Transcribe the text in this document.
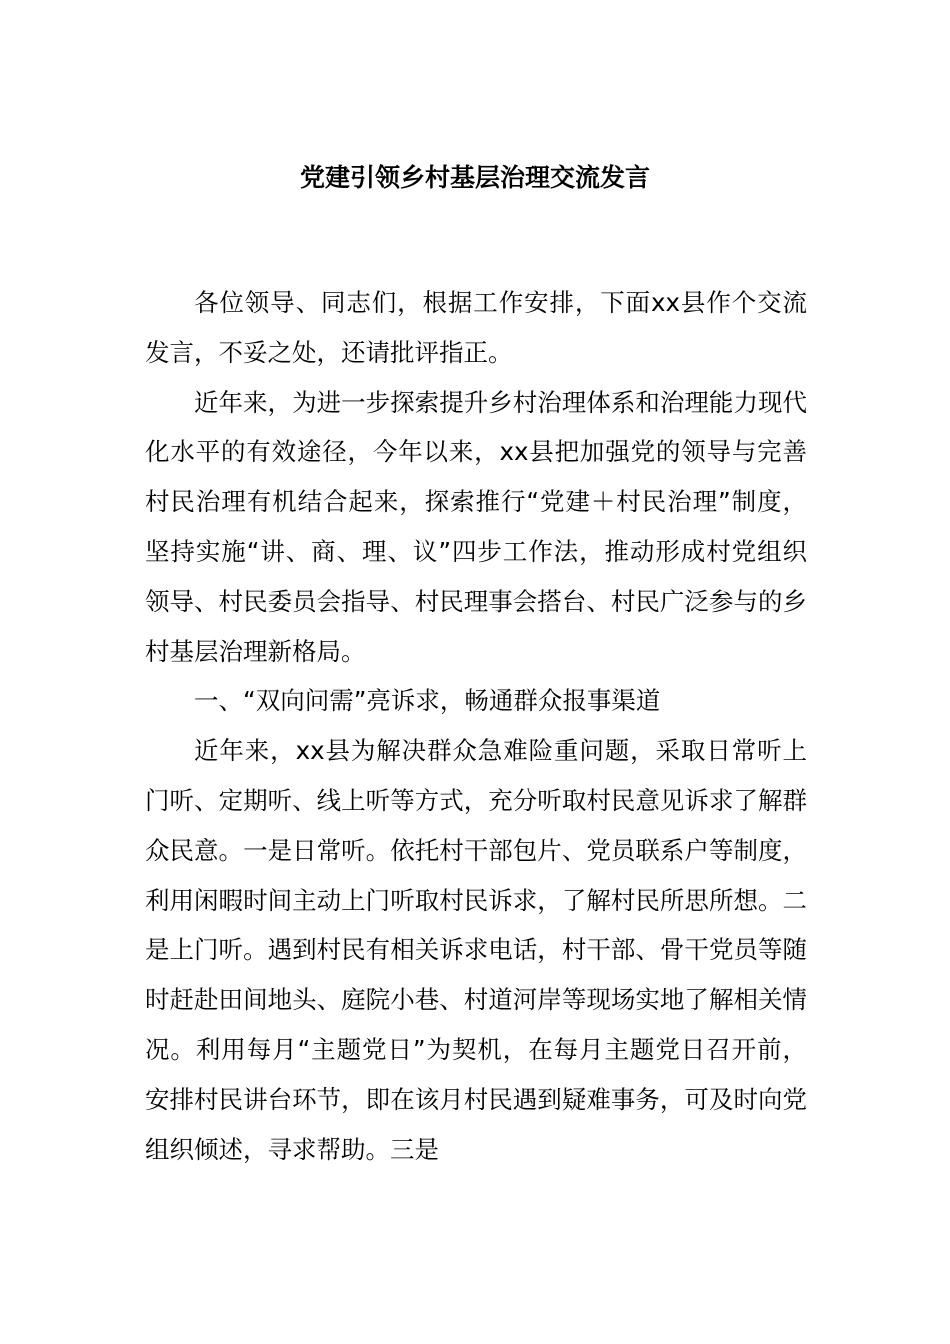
党建引领乡村基层治理交流发言

各位领导、同志们，根据工作安排，下面xx县作个交流发言，不妥之处，还请批评指正。

近年来，为进一步探索提升乡村治理体系和治理能力现代化水平的有效途径，今年以来，xx县把加强党的领导与完善村民治理有机结合起来，探索推行“党建＋村民治理”制度，坚持实施“讲、商、理、议”四步工作法，推动形成村党组织领导、村民委员会指导、村民理事会搭台、村民广泛参与的乡村基层治理新格局。

一、“双向问需”亮诉求，畅通群众报事渠道

近年来，xx县为解决群众急难险重问题，采取日常听上门听、定期听、线上听等方式，充分听取村民意见诉求了解群众民意。一是日常听。依托村干部包片、党员联系户等制度，利用闲暇时间主动上门听取村民诉求，了解村民所思所想。二是上门听。遇到村民有相关诉求电话，村干部、骨干党员等随时赶赴田间地头、庭院小巷、村道河岸等现场实地了解相关情况。利用每月“主题党日”为契机，在每月主题党日召开前，安排村民讲台环节，即在该月村民遇到疑难事务，可及时向党组织倾述，寻求帮助。三是
